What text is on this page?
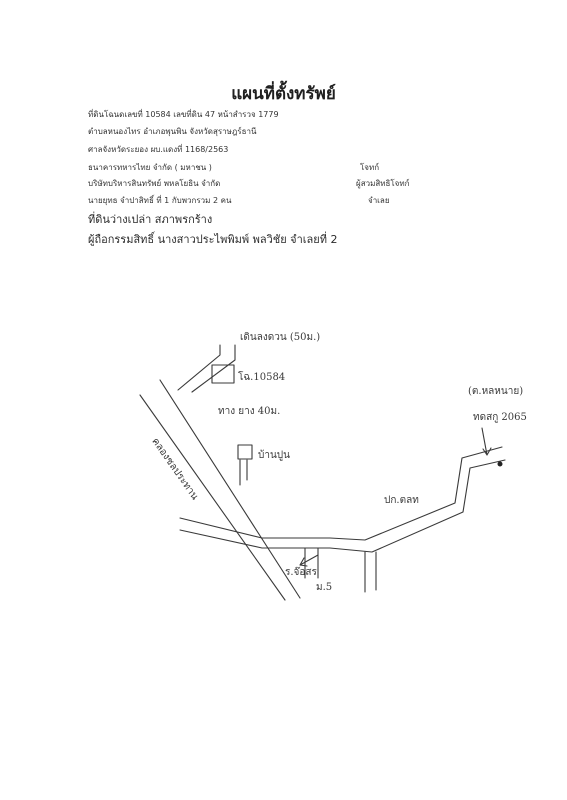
แผนที่ตั้งทรัพย์
ที่ดินโฉนดเลขที่ 10584 เลขที่ดิน 47 หน้าสำรวจ 1779
ตำบลหนองไทร อำเภอพุนพิน จังหวัดสุราษฎร์ธานี
ศาลจังหวัดระยอง ผบ.แดงที่ 1168/2563
ธนาคารทหารไทย จำกัด ( มหาชน )	โจทก์
บริษัทบริหารสินทรัพย์ พหลโยธิน จำกัด	ผู้สวมสิทธิโจทก์
นายยุทธ จำปาสิทธิ์ ที่ 1 กับพวกรวม 2 คน	จำเลย
ที่ดินว่างเปล่า สภาพรกร้าง
ผู้ถือกรรมสิทธิ์ นางสาวประไพพิมพ์ พลวิชัย จำเลยที่ 2
เดินลงดวน (50ม.)
โฉ.10584
ทาง ยาง 40ม.
คลองชลประทาน	บ้านปูน
ปก.ตลท
ร.จ๊อสร
ม.5
(ต.หลหนาย)
ทดสกู 2065
